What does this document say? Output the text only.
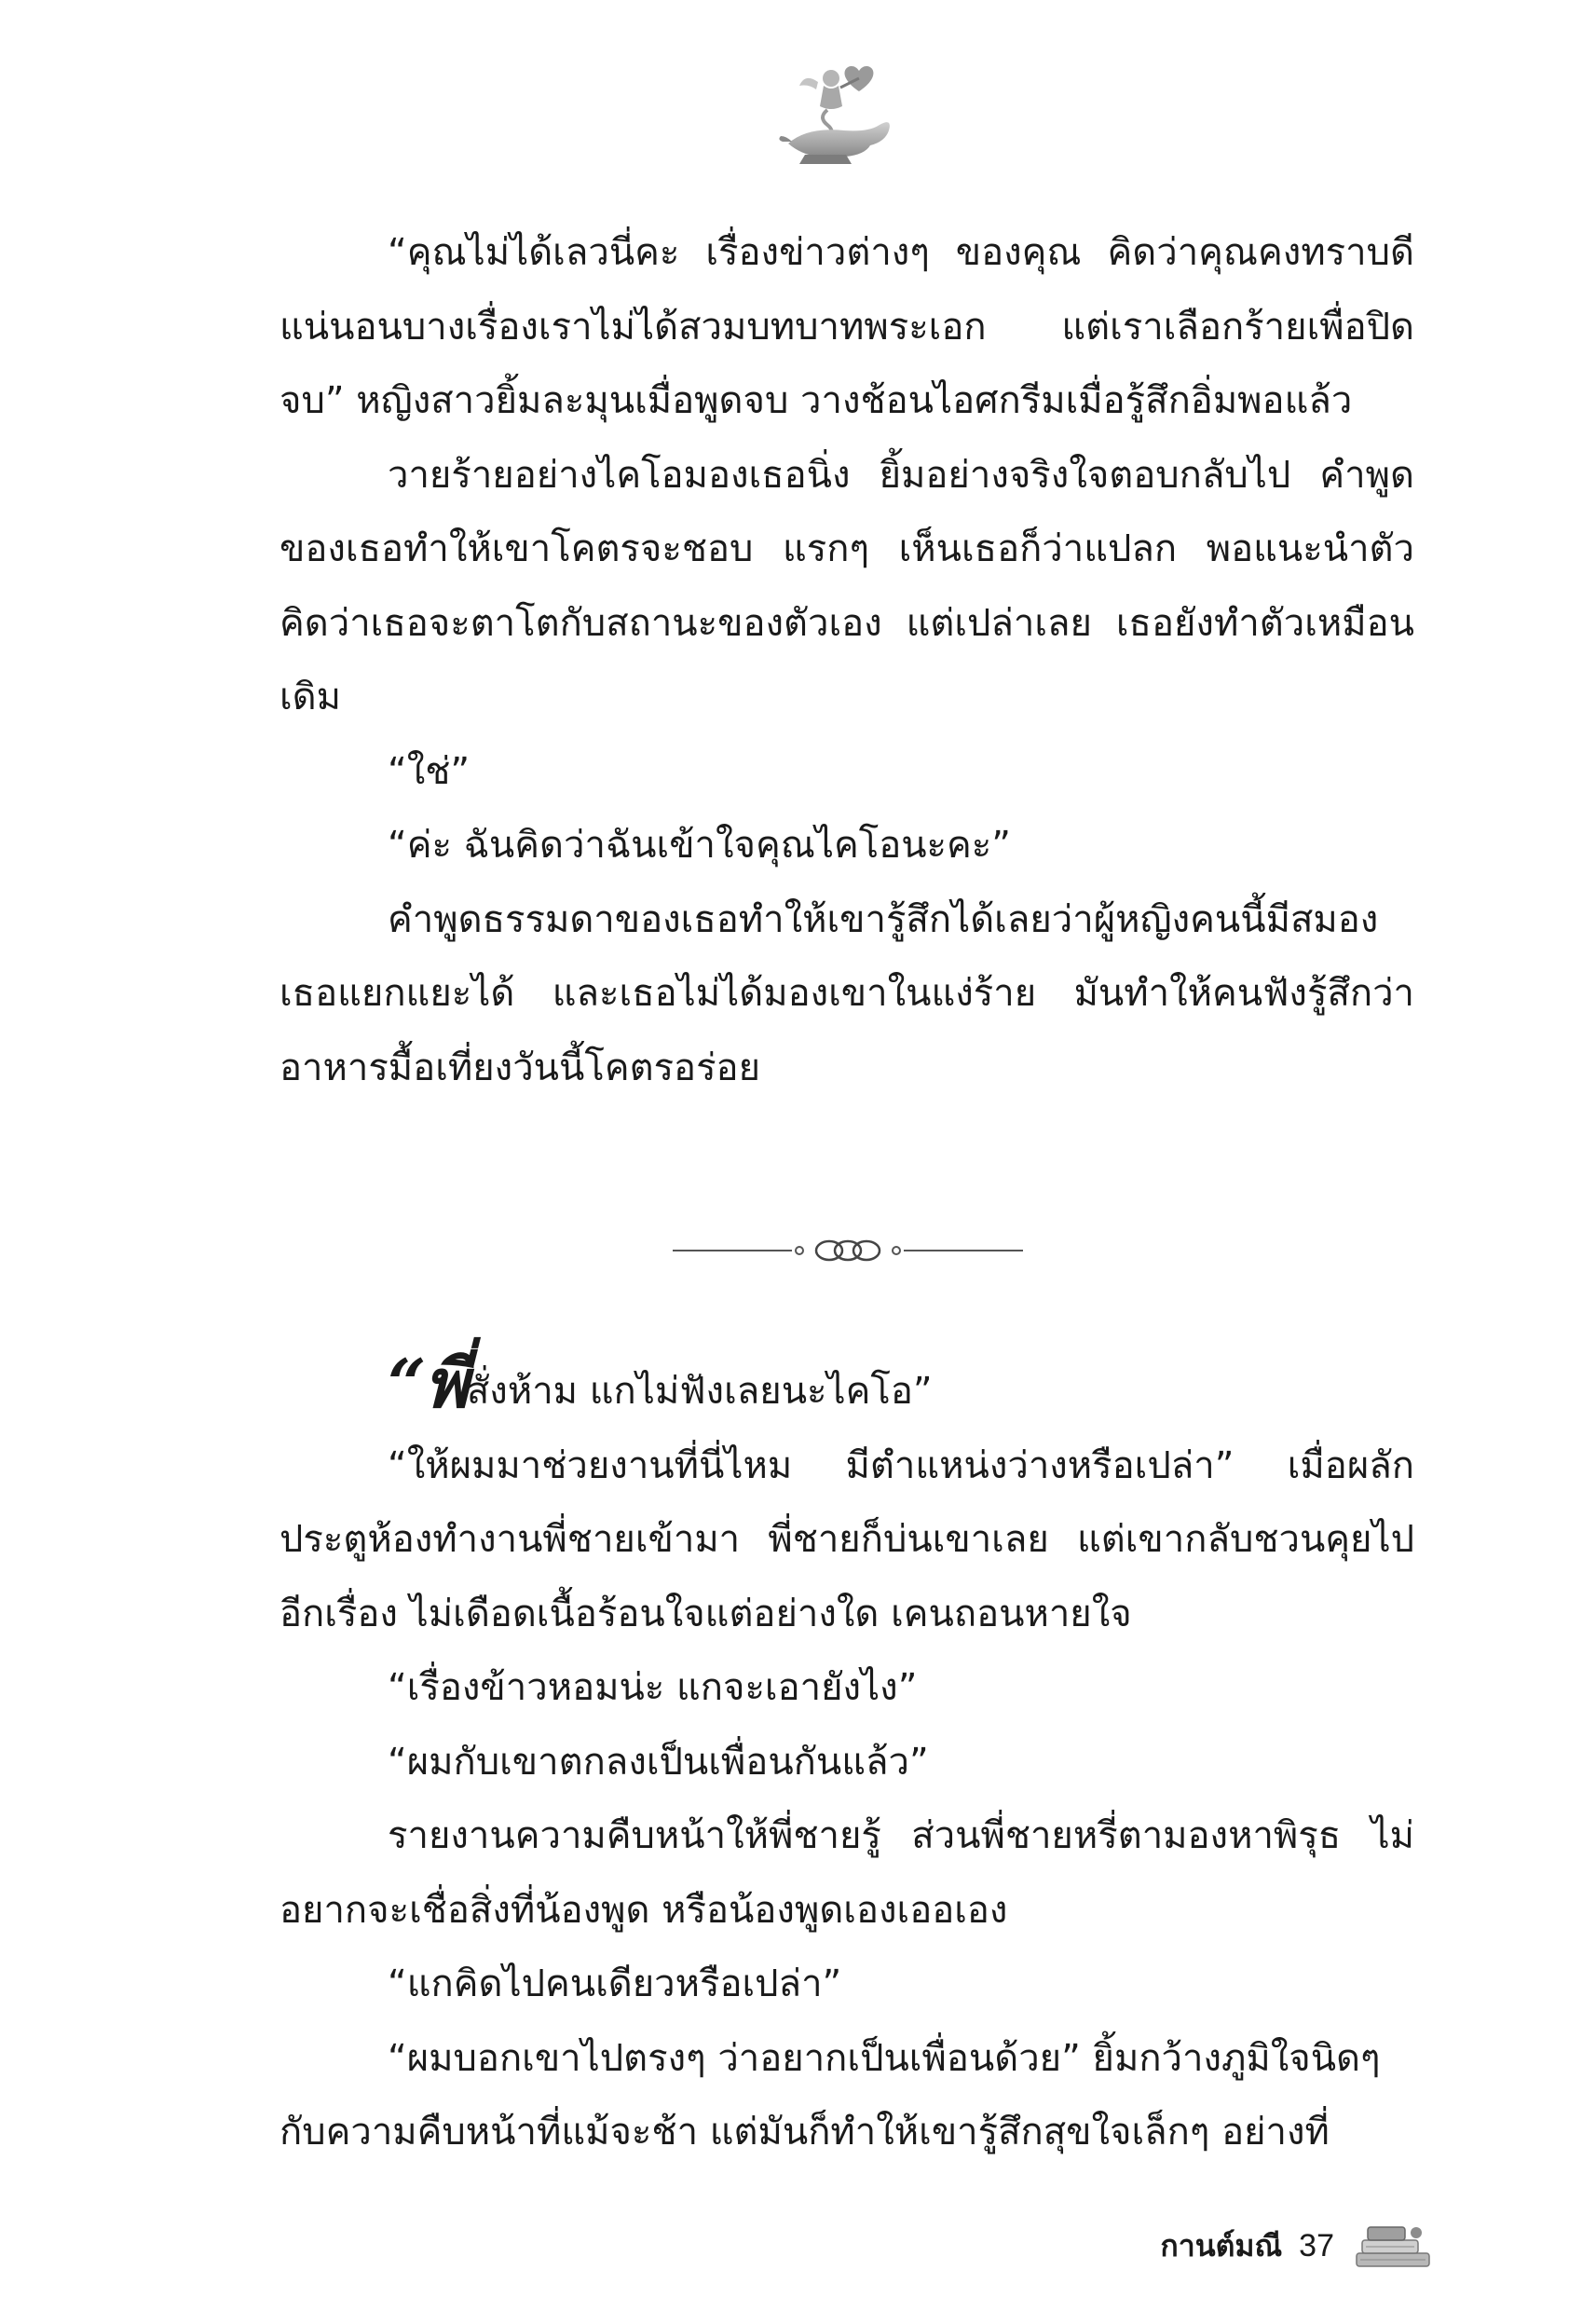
“คุณไม่ได้เลวนี่คะ เรื่องข่าวต่างๆ ของคุณ คิดว่าคุณคงทราบดี แน่นอนบางเรื่องเราไม่ได้สวมบทบาทพระเอก แต่เราเลือกร้ายเพื่อปิดจบ” หญิงสาวยิ้มละมุนเมื่อพูดจบ วางช้อนไอศกรีมเมื่อรู้สึกอิ่มพอแล้ว

วายร้ายอย่างไคโอมองเธอนิ่ง ยิ้มอย่างจริงใจตอบกลับไป คำพูดของเธอทำให้เขาโคตรจะชอบ แรกๆ เห็นเธอก็ว่าแปลก พอแนะนำตัว คิดว่าเธอจะตาโตกับสถานะของตัวเอง แต่เปล่าเลย เธอยังทำตัวเหมือนเดิม

“ใช่”

“ค่ะ ฉันคิดว่าฉันเข้าใจคุณไคโอนะคะ”

คำพูดธรรมดาของเธอทำให้เขารู้สึกได้เลยว่าผู้หญิงคนนี้มีสมองเธอแยกแยะได้ และเธอไม่ได้มองเขาในแง่ร้าย มันทำให้คนฟังรู้สึกว่าอาหารมื้อเที่ยงวันนี้โคตรอร่อย

“พี่สั่งห้าม แกไม่ฟังเลยนะไคโอ”

“ให้ผมมาช่วยงานที่นี่ไหม มีตำแหน่งว่างหรือเปล่า” เมื่อผลักประตูห้องทำงานพี่ชายเข้ามา พี่ชายก็บ่นเขาเลย แต่เขากลับชวนคุยไปอีกเรื่อง ไม่เดือดเนื้อร้อนใจแต่อย่างใด เคนถอนหายใจ

“เรื่องข้าวหอมน่ะ แกจะเอายังไง”

“ผมกับเขาตกลงเป็นเพื่อนกันแล้ว”

รายงานความคืบหน้าให้พี่ชายรู้ ส่วนพี่ชายหรี่ตามองหาพิรุธ ไม่อยากจะเชื่อสิ่งที่น้องพูด หรือน้องพูดเองเออเอง

“แกคิดไปคนเดียวหรือเปล่า”

“ผมบอกเขาไปตรงๆ ว่าอยากเป็นเพื่อนด้วย” ยิ้มกว้างภูมิใจนิดๆ กับความคืบหน้าที่แม้จะช้า แต่มันก็ทำให้เขารู้สึกสุขใจเล็กๆ อย่างที่

กานต์มณี 37
